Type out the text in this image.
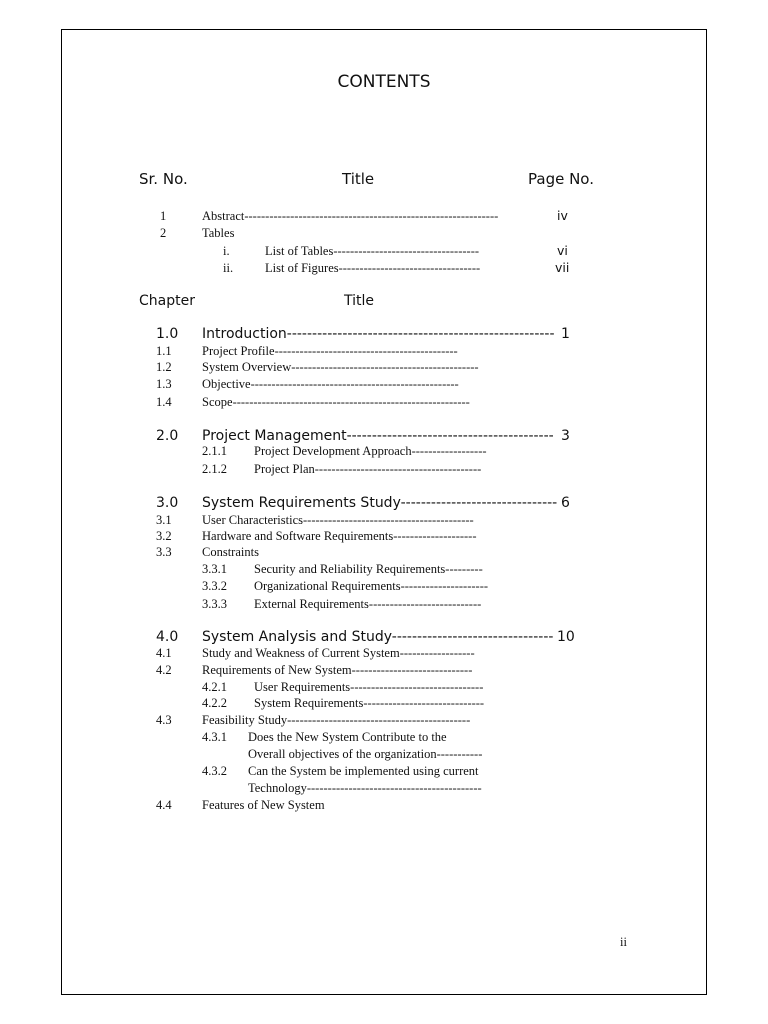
CONTENTS
Sr. No.	Title	Page No.
1	Abstract-------------------------------------------------------------	iv
2	Tables
i.	List of Tables-----------------------------------	vi
ii.	List of Figures----------------------------------	vii
Chapter	Title
1.0 Introduction----------------------------------------------------- 1
1.1 Project Profile--------------------------------------------
1.2 System Overview---------------------------------------------
1.3 Objective--------------------------------------------------
1.4 Scope---------------------------------------------------------
2.0 Project Management----------------------------------------- 3
2.1.1 Project Development Approach------------------
2.1.2 Project Plan----------------------------------------
3.0 System Requirements Study------------------------------- 6
3.1 User Characteristics-----------------------------------------
3.2 Hardware and Software Requirements--------------------
3.3 Constraints
3.3.1 Security and Reliability Requirements---------
3.3.2 Organizational Requirements---------------------
3.3.3 External Requirements---------------------------
4.0 System Analysis and Study-------------------------------- 10
4.1 Study and Weakness of Current System------------------
4.2 Requirements of New System-----------------------------
4.2.1 User Requirements--------------------------------
4.2.2 System Requirements-----------------------------
4.3 Feasibility Study--------------------------------------------
4.3.1 Does the New System Contribute to the
Overall objectives of the organization-----------
4.3.2 Can the System be implemented using current
Technology------------------------------------------
4.4 Features of New System
ii
